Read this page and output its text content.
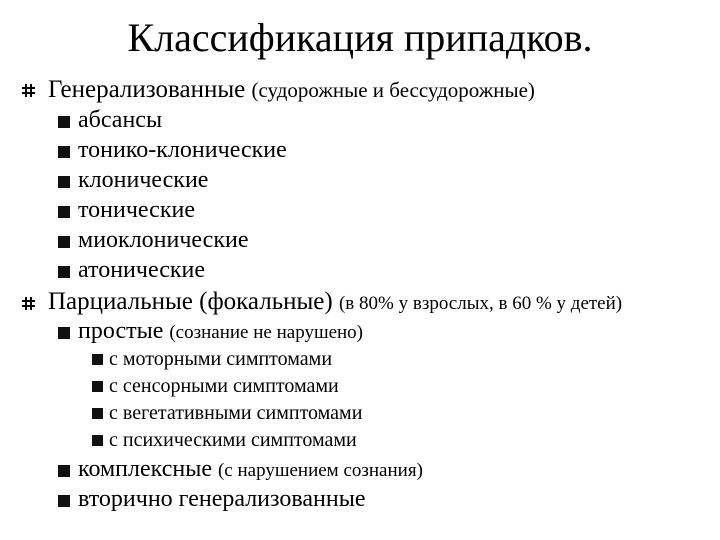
Классификация припадков.
Генерализованные (судорожные и бессудорожные)
абсансы
тонико-клонические
клонические
тонические
миоклонические
атонические
Парциальные (фокальные) (в 80% у взрослых, в 60 % у детей)
простые (сознание не нарушено)
с моторными симптомами
с сенсорными симптомами
с вегетативными симптомами
с психическими симптомами
комплексные (с нарушением сознания)
вторично генерализованные
